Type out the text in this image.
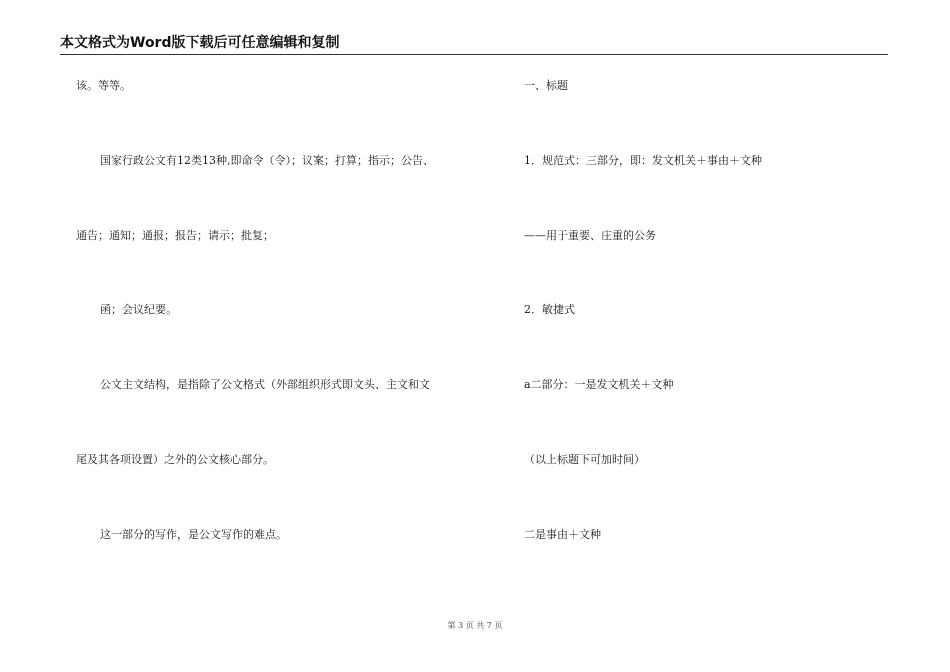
本文格式为Word版下载后可任意编辑和复制
该。等等。
国家行政公文有12类13种,即命令（令）；议案；打算；指示；公告、
通告；通知；通报；报告；请示；批复；
函；会议纪要。
公文主文结构，是指除了公文格式（外部组织形式即文头、主文和文
尾及其各项设置）之外的公文核心部分。
这一部分的写作，是公文写作的难点。
一、标题
1．规范式：三部分，即：发文机关＋事由＋文种
——用于重要、庄重的公务
2．敏捷式
a二部分：一是发文机关＋文种
（以上标题下可加时间）
二是事由＋文种
第 3 页 共 7 页
